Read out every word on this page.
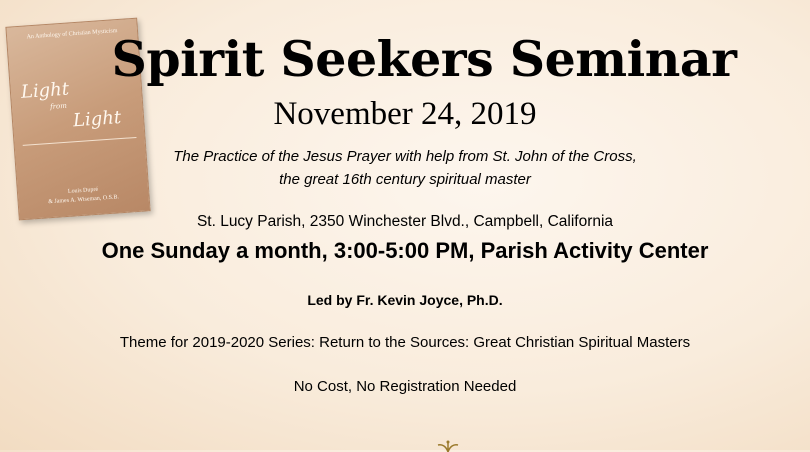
An Anthology of Christian Mysticism
Light
from
Light
Louis Dupré
& James A. Wiseman, O.S.B.
Spirit Seekers Seminar
November 24, 2019
The Practice of the Jesus Prayer with help from St. John of the Cross,
the great 16th century spiritual master
St. Lucy Parish, 2350 Winchester Blvd., Campbell, California
One Sunday a month, 3:00-5:00 PM, Parish Activity Center
Led by Fr. Kevin Joyce, Ph.D.
Theme for 2019-2020 Series: Return to the Sources: Great Christian Spiritual Masters
No Cost, No Registration Needed
